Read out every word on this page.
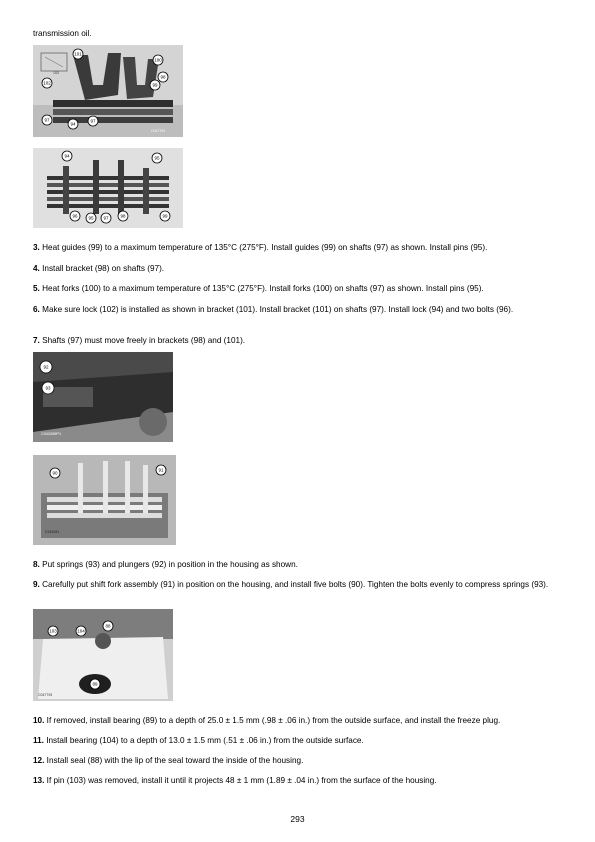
transmission oil.

101
102
100
98
99
97
94
97
103
C047791
94	95
96 95 97	98	99

3. Heat guides (99) to a maximum temperature of 135°C (275°F). Install guides (99) on shafts (97) as shown. Install pins (95).

4. Install bracket (98) on shafts (97).

5. Heat forks (100) to a maximum temperature of 135°C (275°F). Install forks (100) on shafts (97) as shown. Install pins (95).

6. Make sure lock (102) is installed as shown in bracket (101). Install bracket (101) on shafts (97). Install lock (94) and two bolts (96).

7. Shafts (97) must move freely in brackets (98) and (101).

92
93
C042089P1
90
91
C242081

8. Put springs (93) and plungers (92) in position in the housing as shown.

9. Carefully put shift fork assembly (91) in position on the housing, and install five bolts (90). Tighten the bolts evenly to compress springs (93).

103	104
88
89
C047793

10. If removed, install bearing (89) to a depth of 25.0 ± 1.5 mm (.98 ± .06 in.) from the outside surface, and install the freeze plug.

11. Install bearing (104) to a depth of 13.0 ± 1.5 mm (.51 ± .06 in.) from the outside surface.

12. Install seal (88) with the lip of the seal toward the inside of the housing.

13. If pin (103) was removed, install it until it projects 48 ± 1 mm (1.89 ± .04 in.) from the surface of the housing.

293
